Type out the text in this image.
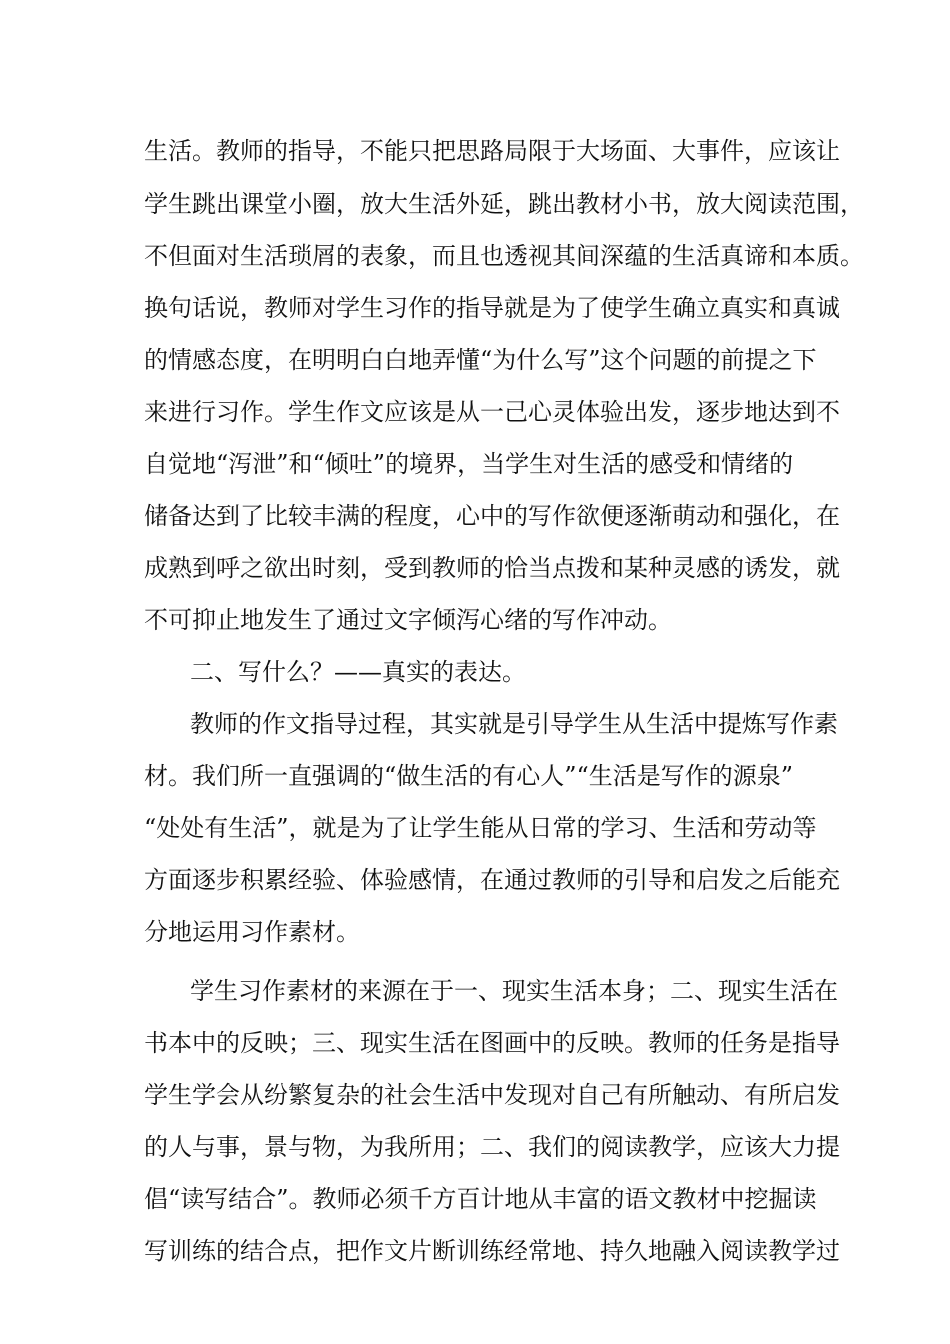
生活。教师的指导，不能只把思路局限于大场面、大事件，应该让
学生跳出课堂小圈，放大生活外延，跳出教材小书，放大阅读范围，
不但面对生活琐屑的表象，而且也透视其间深蕴的生活真谛和本质。
换句话说，教师对学生习作的指导就是为了使学生确立真实和真诚
的情感态度，在明明白白地弄懂“为什么写”这个问题的前提之下
来进行习作。学生作文应该是从一己心灵体验出发，逐步地达到不
自觉地“泻泄”和“倾吐”的境界，当学生对生活的感受和情绪的
储备达到了比较丰满的程度，心中的写作欲便逐渐萌动和强化，在
成熟到呼之欲出时刻，受到教师的恰当点拨和某种灵感的诱发，就
不可抑止地发生了通过文字倾泻心绪的写作冲动。
二、写什么？——真实的表达。
教师的作文指导过程，其实就是引导学生从生活中提炼写作素
材。我们所一直强调的“做生活的有心人”“生活是写作的源泉”
“处处有生活”，就是为了让学生能从日常的学习、生活和劳动等
方面逐步积累经验、体验感情，在通过教师的引导和启发之后能充
分地运用习作素材。
学生习作素材的来源在于一、现实生活本身；二、现实生活在
书本中的反映；三、现实生活在图画中的反映。教师的任务是指导
学生学会从纷繁复杂的社会生活中发现对自己有所触动、有所启发
的人与事，景与物，为我所用；二、我们的阅读教学，应该大力提
倡“读写结合”。教师必须千方百计地从丰富的语文教材中挖掘读
写训练的结合点，把作文片断训练经常地、持久地融入阅读教学过
